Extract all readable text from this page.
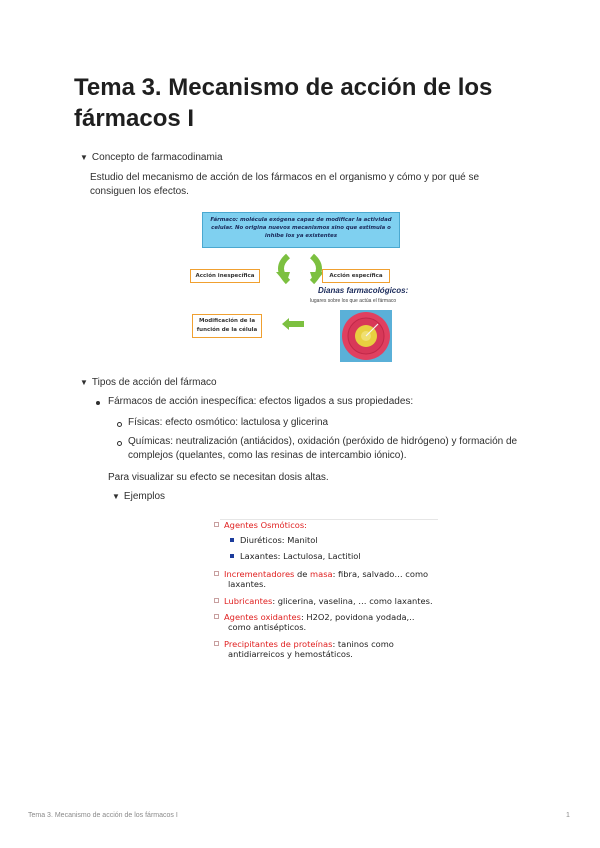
Tema 3. Mecanismo de acción de los fármacos I
▼ Concepto de farmacodinamia
Estudio del mecanismo de acción de los fármacos en el organismo y cómo y por qué se
consiguen los efectos.
Fármaco: molécula exógena capaz de modificar la actividad celular. No origina nuevos mecanismos sino que estimula o inhibe los ya existentes
Acción inespecífica	Acción específica
Dianas farmacológicos:
lugares sobre los que actúa el fármaco
Modificación de la función de la célula
▼ Tipos de acción del fármaco
Fármacos de acción inespecífica: efectos ligados a sus propiedades:
Físicas: efecto osmótico: lactulosa y glicerina
Químicas: neutralización (antiácidos), oxidación (peróxido de hidrógeno) y formación de
complejos (quelantes, como las resinas de intercambio iónico).
Para visualizar su efecto se necesitan dosis altas.
▼ Ejemplos
Agentes Osmóticos:
Diuréticos: Manitol
Laxantes: Lactulosa, Lactitiol
Incrementadores de masa: fibra, salvado… como
laxantes.
Lubricantes: glicerina, vaselina, … como laxantes.
Agentes oxidantes: H2O2, povidona yodada,..
como antisépticos.
Precipitantes de proteínas: taninos como
antidiarreicos y hemostáticos.
Tema 3. Mecanismo de acción de los fármacos I	1
